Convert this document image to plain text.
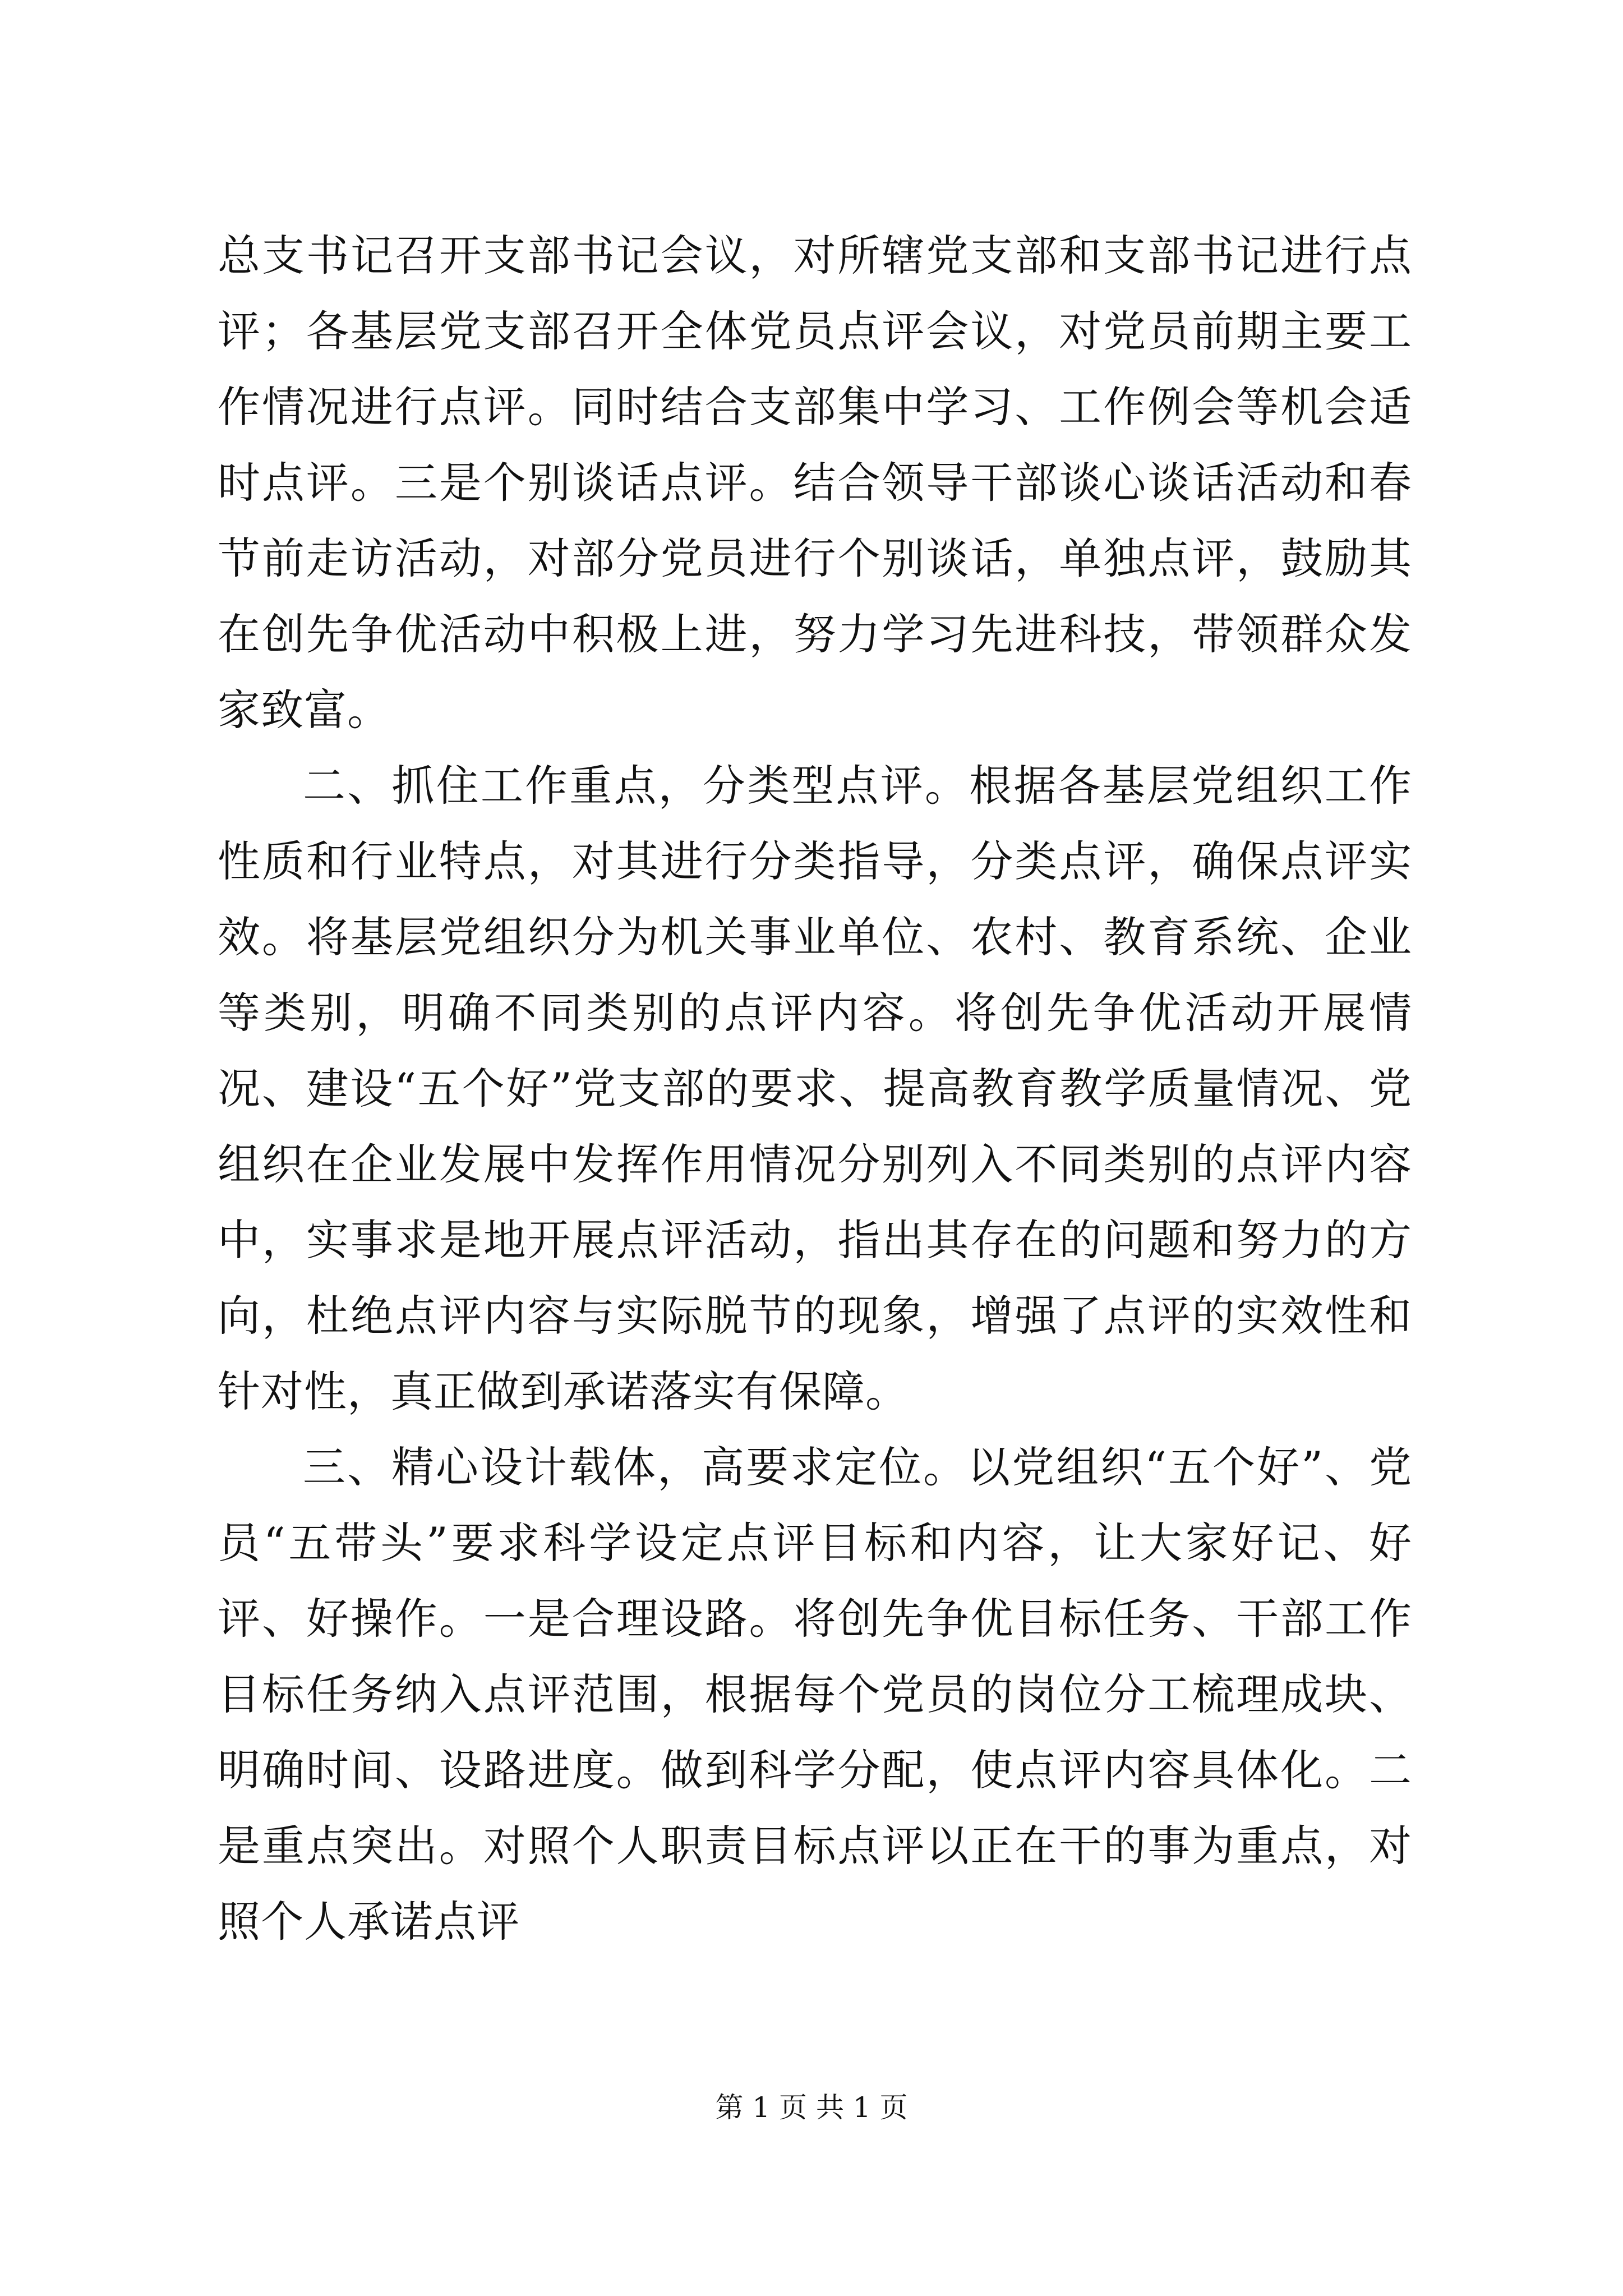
总支书记召开支部书记会议，对所辖党支部和支部书记进行点评；各基层党支部召开全体党员点评会议，对党员前期主要工作情况进行点评。同时结合支部集中学习、工作例会等机会适时点评。三是个别谈话点评。结合领导干部谈心谈话活动和春节前走访活动，对部分党员进行个别谈话，单独点评，鼓励其在创先争优活动中积极上进，努力学习先进科技，带领群众发家致富。

二、抓住工作重点，分类型点评。根据各基层党组织工作性质和行业特点，对其进行分类指导，分类点评，确保点评实效。将基层党组织分为机关事业单位、农村、教育系统、企业等类别，明确不同类别的点评内容。将创先争优活动开展情况、建设“五个好”党支部的要求、提高教育教学质量情况、党组织在企业发展中发挥作用情况分别列入不同类别的点评内容中，实事求是地开展点评活动，指出其存在的问题和努力的方向，杜绝点评内容与实际脱节的现象，增强了点评的实效性和针对性，真正做到承诺落实有保障。

三、精心设计载体，高要求定位。以党组织“五个好”、党员“五带头”要求科学设定点评目标和内容，让大家好记、好评、好操作。一是合理设路。将创先争优目标任务、干部工作目标任务纳入点评范围，根据每个党员的岗位分工梳理成块、明确时间、设路进度。做到科学分配，使点评内容具体化。二是重点突出。对照个人职责目标点评以正在干的事为重点，对照个人承诺点评

第 1 页 共 1 页
